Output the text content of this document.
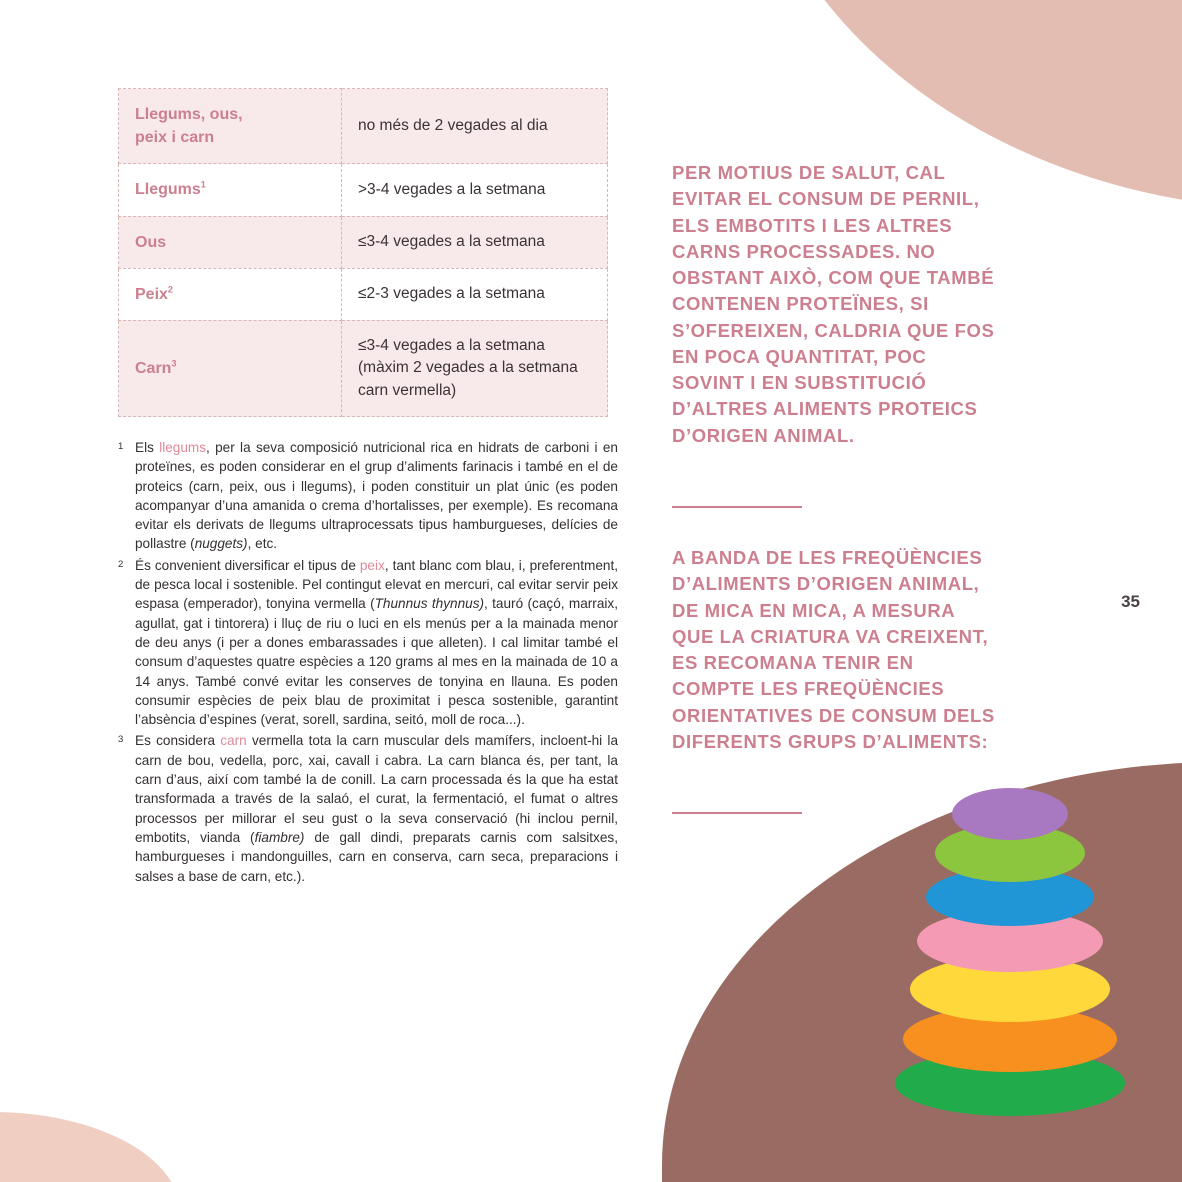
Llegums, ous,
peix i carn	no més de 2 vegades al dia
Llegums$^1$	>3-4 vegades a la setmana
Ous	≤3-4 vegades a la setmana
Peix$^2$	≤2-3 vegades a la setmana
Carn$^3$	≤3-4 vegades a la setmana
(màxim 2 vegades a la setmana
carn vermella)
1 Els llegums, per la seva composició nutricional rica en hidrats de carboni i en proteïnes, es poden considerar en el grup d’aliments farinacis i també en el de proteics (carn, peix, ous i llegums), i poden constituir un plat únic (es poden acompanyar d’una amanida o crema d’hortalisses, per exemple). Es recomana evitar els derivats de llegums ultraprocessats tipus hamburgueses, delícies de pollastre (nuggets), etc.
2 És convenient diversificar el tipus de peix, tant blanc com blau, i, preferentment, de pesca local i sostenible. Pel contingut elevat en mercuri, cal evitar servir peix espasa (emperador), tonyina vermella (Thunnus thynnus), tauró (caçó, marraix, agullat, gat i tintorera) i lluç de riu o luci en els menús per a la mainada menor de deu anys (i per a dones embarassades i que alleten). I cal limitar també el consum d’aquestes quatre espècies a 120 grams al mes en la mainada de 10 a 14 anys. També convé evitar les conserves de tonyina en llauna. Es poden consumir espècies de peix blau de proximitat i pesca sostenible, garantint l’absència d’espines (verat, sorell, sardina, seitó, moll de roca...).
3 Es considera carn vermella tota la carn muscular dels mamífers, incloent-hi la carn de bou, vedella, porc, xai, cavall i cabra. La carn blanca és, per tant, la carn d’aus, així com també la de conill. La carn processada és la que ha estat transformada a través de la salaó, el curat, la fermentació, el fumat o altres processos per millorar el seu gust o la seva conservació (hi inclou pernil, embotits, vianda (fiambre) de gall dindi, preparats carnis com salsitxes, hamburgueses i mandonguilles, carn en conserva, carn seca, preparacions i salses a base de carn, etc.).
PER MOTIUS DE SALUT, CAL EVITAR EL CONSUM DE PERNIL, ELS EMBOTITS I LES ALTRES CARNS PROCESSADES. NO OBSTANT AIXÒ, COM QUE TAMBÉ CONTENEN PROTEÏNES, SI S’OFEREIXEN, CALDRIA QUE FOS EN POCA QUANTITAT, POC SOVINT I EN SUBSTITUCIÓ D’ALTRES ALIMENTS PROTEICS D’ORIGEN ANIMAL.
A BANDA DE LES FREQÜÈNCIES D’ALIMENTS D’ORIGEN ANIMAL, DE MICA EN MICA, A MESURA QUE LA CRIATURA VA CREIXENT, ES RECOMANA TENIR EN COMPTE LES FREQÜÈNCIES ORIENTATIVES DE CONSUM DELS DIFERENTS GRUPS D’ALIMENTS:
35
